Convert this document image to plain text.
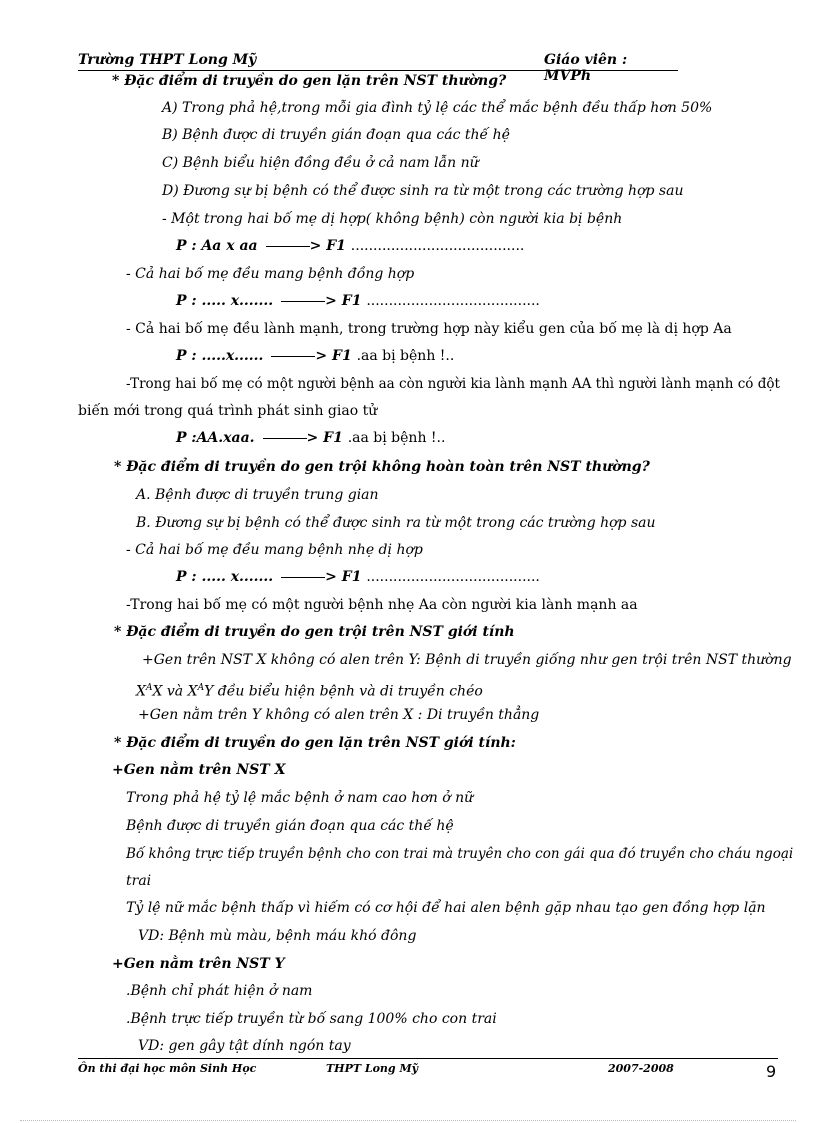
Trường THPT Long Mỹ	Giáo viên : MVPh
* Đặc điểm di truyền do gen lặn trên NST thường?
A) Trong phả hệ,trong mỗi gia đình tỷ lệ các thể mắc bệnh đều thấp hơn 50%
B) Bệnh được di truyền gián đoạn qua các thế hệ
C) Bệnh biểu hiện đồng đều ở cả nam lẫn nữ
D) Đương sự bị bệnh có thể được sinh ra từ một trong các trường hợp sau
- Một trong hai bố mẹ dị hợp( không bệnh) còn người kia bị bệnh
P : Aa x aa	> F1 .......................................
- Cả hai bố mẹ đều mang bệnh đồng hợp
P : ..... x.......	> F1 .......................................
- Cả hai bố mẹ đều lành mạnh, trong trường hợp này kiểu gen của bố mẹ là dị hợp Aa
P : .....x......	> F1 .aa bị bệnh !..
-Trong hai bố mẹ có một người bệnh aa còn người kia lành mạnh AA thì người lành mạnh có đột
biến mới trong quá trình phát sinh giao tử
P :AA.xaa.	> F1 .aa bị bệnh !..
* Đặc điểm di truyền do gen trội không hoàn toàn trên NST thường?
A. Bệnh được di truyền trung gian
B. Đương sự bị bệnh có thể được sinh ra từ một trong các trường hợp sau
- Cả hai bố mẹ đều mang bệnh nhẹ dị hợp
P : ..... x.......	> F1 .......................................
-Trong hai bố mẹ có một người bệnh nhẹ Aa còn người kia lành mạnh aa
* Đặc điểm di truyền do gen trội trên NST giới tính
+Gen trên NST X không có alen trên Y: Bệnh di truyền giống như gen trội trên NST thường
$X^AX$ và $X^AY$ đều biểu hiện bệnh và di truyền chéo
+Gen nằm trên Y không có alen trên X : Di truyền thẳng
* Đặc điểm di truyền do gen lặn trên NST giới tính:
+Gen nằm trên NST X
Trong phả hệ tỷ lệ mắc bệnh ở nam cao hơn ở nữ
Bệnh được di truyền gián đoạn qua các thế hệ
Bố không trực tiếp truyền bệnh cho con trai mà truyên cho con gái qua đó truyền cho cháu ngoại
trai
Tỷ lệ nữ mắc bệnh thấp vì hiếm có cơ hội để hai alen bệnh gặp nhau tạo gen đồng hợp lặn
VD: Bệnh mù màu, bệnh máu khó đông
+Gen nằm trên NST Y
.Bệnh chỉ phát hiện ở nam
.Bệnh trực tiếp truyền từ bố sang 100% cho con trai
VD: gen gây tật dính ngón tay
Ôn thi đại học môn Sinh Học	THPT Long Mỹ	2007-2008	9
